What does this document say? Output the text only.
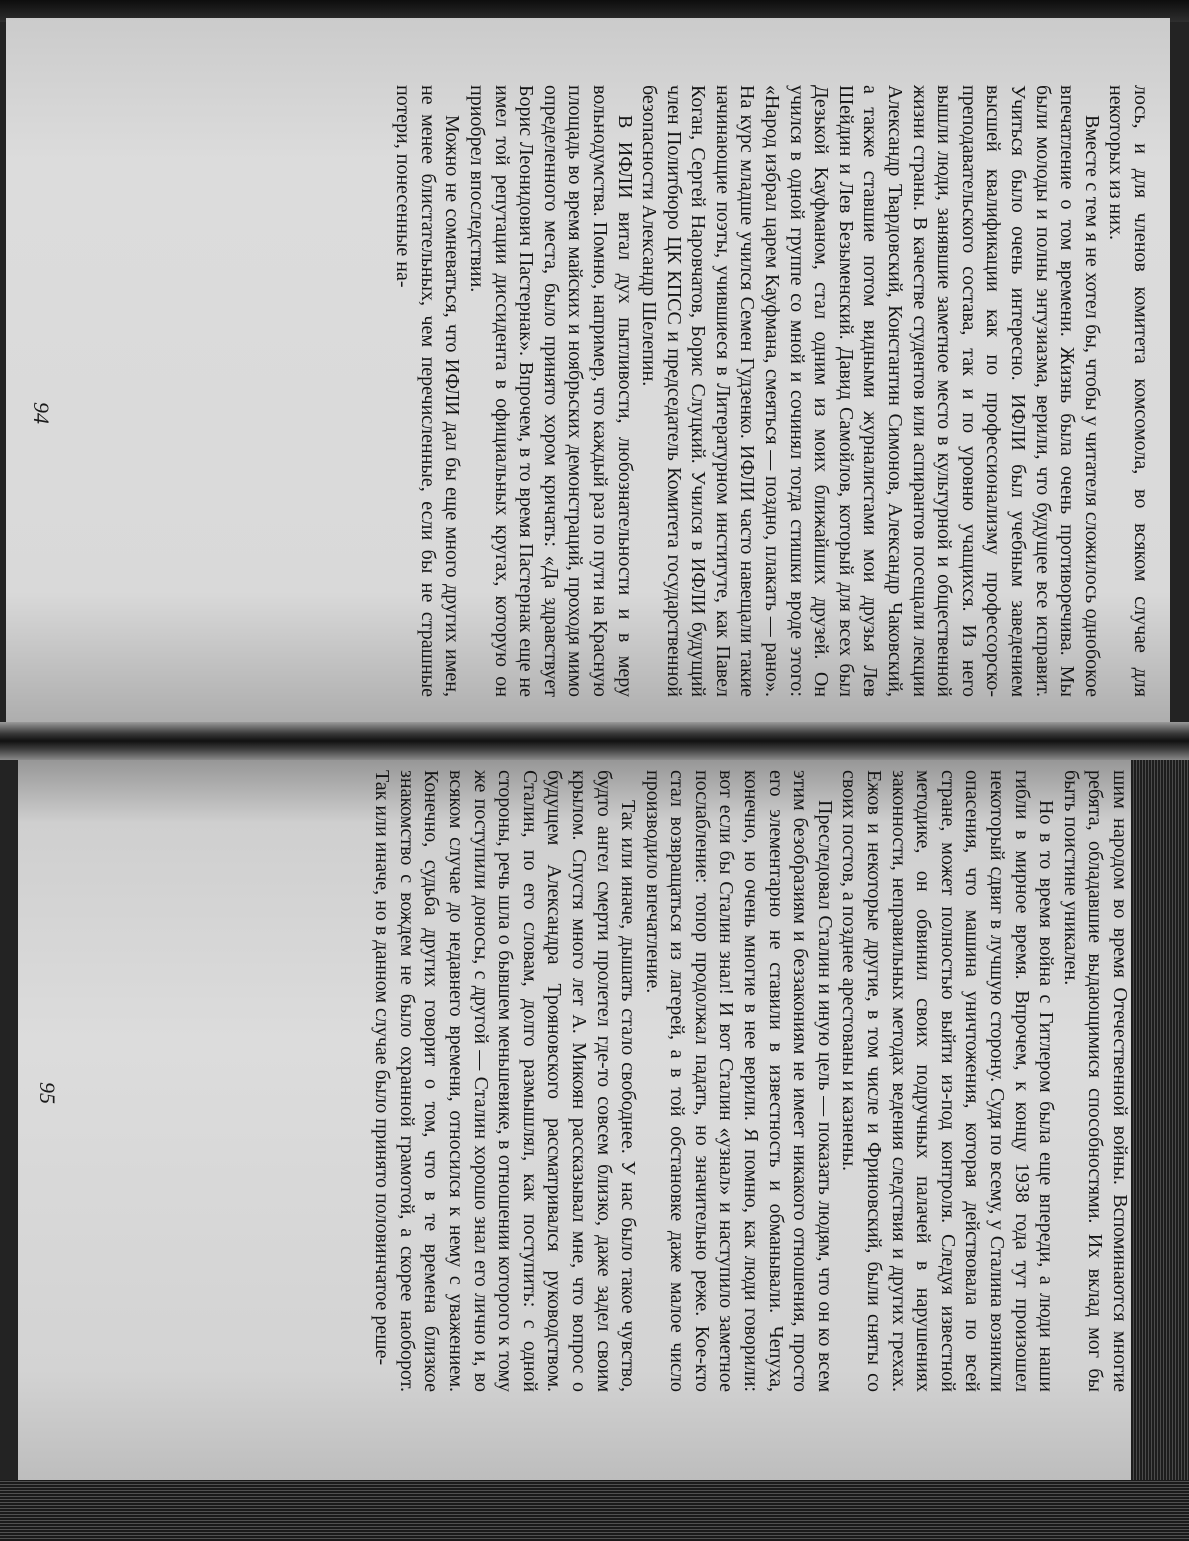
лось, и для членов комитета комсомола, во всяком случае для некоторых из них.

Вместе с тем я не хотел бы, чтобы у читателя сложилось однобокое впечатление о том времени. Жизнь была очень противоречива. Мы были молоды и полны энтузиазма, верили, что будущее все исправит. Учиться было очень интересно. ИФЛИ был учебным заведением высшей квалификации как по профессионализму профессорско-преподавательского состава, так и по уровню учащихся. Из него вышли люди, занявшие заметное место в культурной и общественной жизни страны. В качестве студентов или аспирантов посещали лекции Александр Твардовский, Константин Симонов, Александр Чаковский, а также ставшие потом видными журналистами мои друзья Лев Шейдин и Лев Безыменский. Давид Самойлов, который для всех был Дезькой Кауфманом, стал одним из моих ближайших друзей. Он учился в одной группе со мной и сочинял тогда стишки вроде этого: «Народ избрал царем Кауфмана, смеяться — поздно, плакать — рано». На курс младше учился Семен Гудзенко. ИФЛИ часто навещали такие начинающие поэты, учившиеся в Литературном институте, как Павел Коган, Сергей Наровчатов, Борис Слуцкий. Учился в ИФЛИ будущий член Политбюро ЦК КПСС и председатель Комитета государственной безопасности Александр Шелепин.

В ИФЛИ витал дух пытливости, любознательности и в меру вольнодумства. Помню, например, что каждый раз по пути на Красную площадь во время майских и ноябрьских демонстраций, проходя мимо определенного места, было принято хором кричать: «Да здравствует Борис Леонидович Пастернак». Впрочем, в то время Пастернак еще не имел той репутации диссидента в официальных кругах, которую он приобрел впоследствии.

Можно не сомневаться, что ИФЛИ дал бы еще много других имен, не менее блистательных, чем перечисленные, если бы не страшные потери, понесенные на-

шим народом во время Отечественной войны. Вспоминаются многие ребята, обладавшие выдающимися способностями. Их вклад мог бы быть поистине уникален.

Но в то время война с Гитлером была еще впереди, а люди наши гибли в мирное время. Впрочем, к концу 1938 года тут произошел некоторый сдвиг в лучшую сторону. Судя по всему, у Сталина возникли опасения, что машина уничтожения, которая действовала по всей стране, может полностью выйти из-под контроля. Следуя известной методике, он обвинил своих подручных палачей в нарушениях законности, неправильных методах ведения следствия и других грехах. Ежов и некоторые другие, в том числе и Фриновский, были сняты со своих постов, а позднее арестованы и казнены.

Преследовал Сталин и иную цель — показать людям, что он ко всем этим безобразиям и беззакониям не имеет никакого отношения, просто его элементарно не ставили в известность и обманывали. Чепуха, конечно, но очень многие в нее верили. Я помню, как люди говорили: вот если бы Сталин знал! И вот Сталин «узнал» и наступило заметное послабление: топор продолжал падать, но значительно реже. Кое-кто стал возвращаться из лагерей, а в той обстановке даже малое число производило впечатление.

Так или иначе, дышать стало свободнее. У нас было такое чувство, будто ангел смерти пролетел где-то совсем близко, даже задел своим крылом. Спустя много лет А. Микоян рассказывал мне, что вопрос о будущем Александра Трояновского рассматривался руководством. Сталин, по его словам, долго размышлял, как поступить: с одной стороны, речь шла о бывшем меньшевике, в отношении которого к тому же поступили доносы, с другой — Сталин хорошо знал его лично и, во всяком случае до недавнего времени, относился к нему с уважением. Конечно, судьба других говорит о том, что в те времена близкое знакомство с вождем не было охранной грамотой, а скорее наоборот. Так или иначе, но в данном случае было принято половинчатое реше-

94
95
